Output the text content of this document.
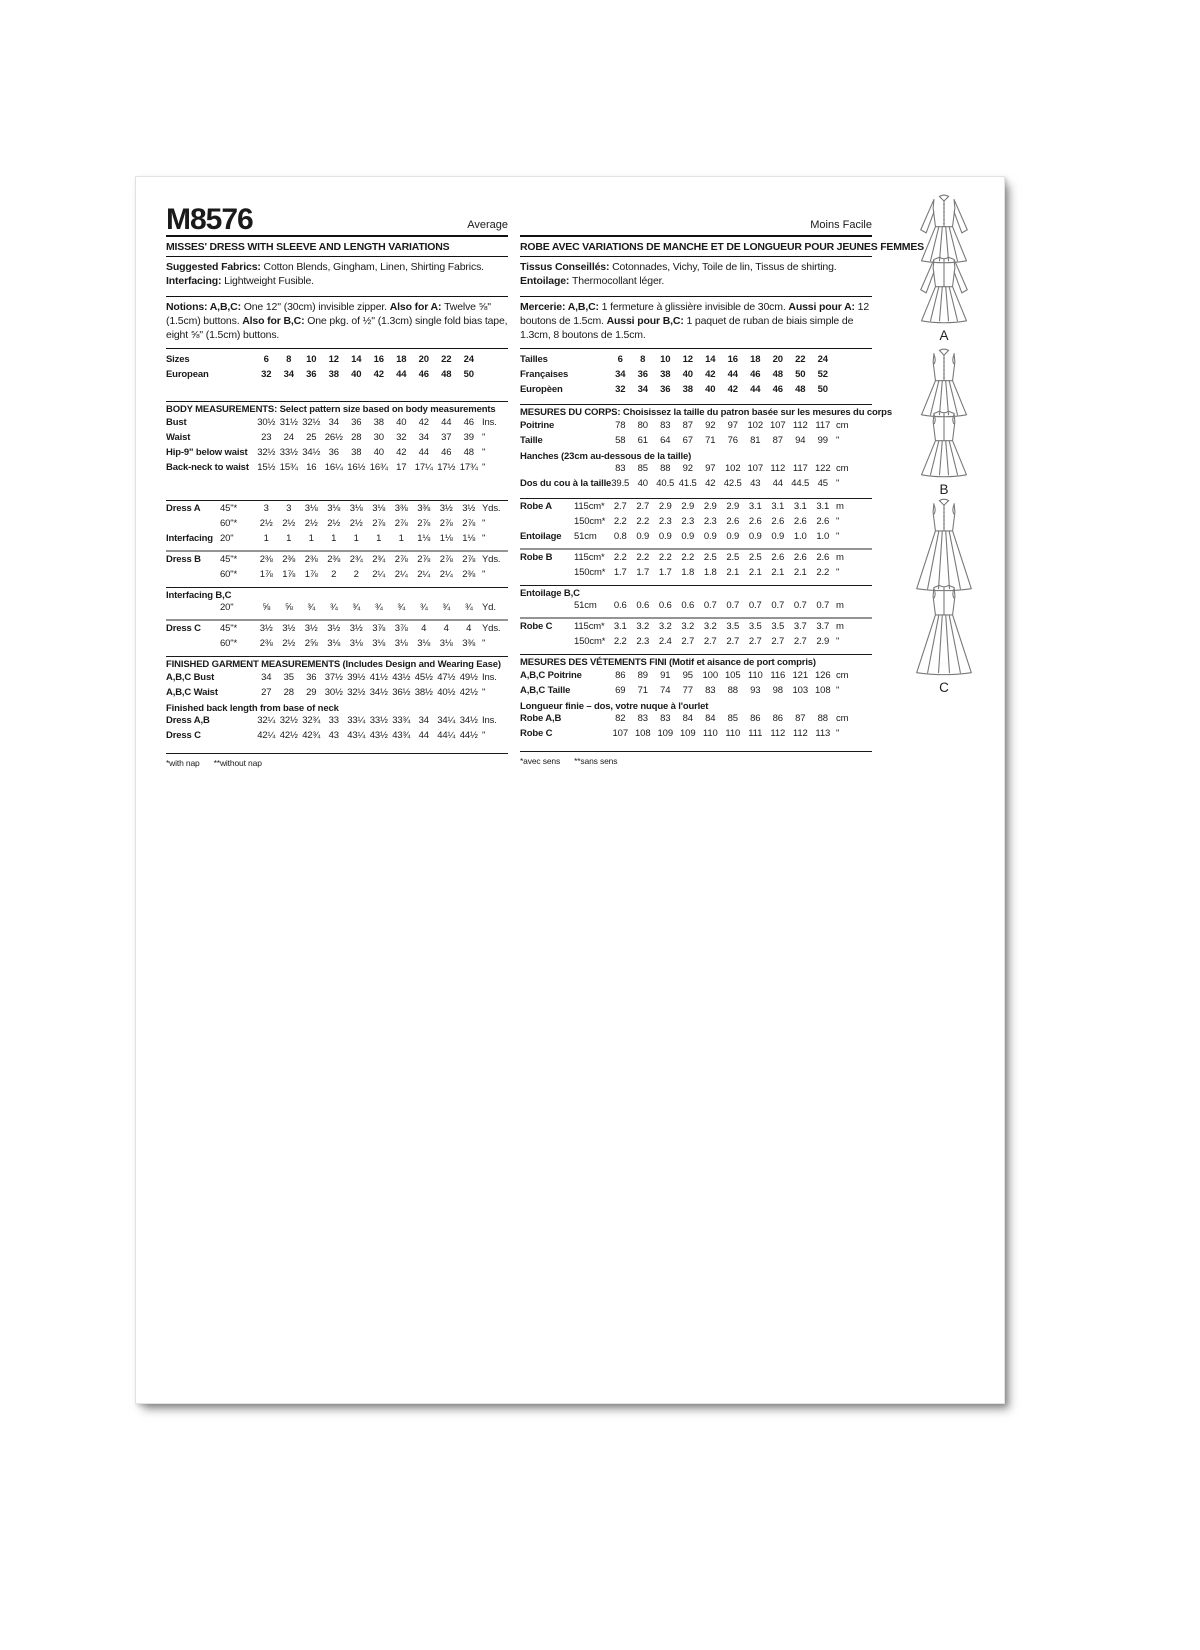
M8576	Average
MISSES' DRESS WITH SLEEVE AND LENGTH VARIATIONS

Suggested Fabrics: Cotton Blends, Gingham, Linen, Shirting Fabrics. Interfacing: Lightweight Fusible.

Notions: A,B,C: One 12'' (30cm) invisible zipper. Also for A: Twelve ⅝'' (1.5cm) buttons. Also for B,C: One pkg. of ½'' (1.3cm) single fold bias tape, eight ⅝" (1.5cm) buttons.

Sizes	6	8	10	12	14	16	18	20	22	24
European	32	34	36	38	40	42	44	46	48	50
BODY MEASUREMENTS: Select pattern size based on body measurements
Bust	30½ 31½ 32½ 34	36	38	40	42	44	46 Ins.
Waist	23	24	25 26½ 28	30	32	34	37	39 "
Hip-9" below waist	32½ 33½ 34½ 36	38	40	42	44	46	48 "
Back-neck to waist 15½ 15¾ 16 16¼ 16½ 16¾ 17 17¼ 17½ 17¾ "
Dress A	45"*	3	3	3⅛	3⅛	3⅛	3⅛	3⅜	3⅜	3½	3½ Yds.
60"*	2½	2½	2½	2½	2½	2⅞	2⅞	2⅞	2⅞	2⅞ "
Interfacing 20"	1	1	1	1	1	1	1	1⅛	1⅛	1⅛ "
Dress B	45"*	2⅜	2⅜	2⅜	2⅜	2¾	2¾	2⅞	2⅞	2⅞	2⅞ Yds.
60"*	1⅞	1⅞	1⅞	2	2	2¼	2¼	2¼	2¼	2⅜ "
Interfacing B,C
20"	⅝	⅝	¾	¾	¾	¾	¾	¾	¾	¾ Yd.
Dress C	45"*	3½	3½	3½	3½	3½	3⅞	3⅞	4	4	4	Yds.
60"*	2⅜	2½	2⅝	3⅛	3⅛	3⅛	3⅛	3⅛	3⅛	3⅜ "
FINISHED GARMENT MEASUREMENTS (Includes Design and Wearing Ease)
A,B,C Bust	34	35	36 37½ 39½ 41½ 43½ 45½ 47½ 49½ Ins.
A,B,C Waist	27	28	29 30½ 32½ 34½ 36½ 38½ 40½ 42½ "
Finished back length from base of neck
Dress A,B	32¼ 32½ 32¾ 33 33¼ 33½ 33¾ 34 34¼ 34½ Ins.
Dress C	42¼ 42½ 42¾ 43 43¼ 43½ 43¾ 44 44¼ 44½ "
*with nap **without nap
Moins Facile
ROBE AVEC VARIATIONS DE MANCHE ET DE LONGUEUR POUR JEUNES FEMMES

Tissus Conseillés: Cotonnades, Vichy, Toile de lin, Tissus de shirting. Entoilage: Thermocollant léger.

Mercerie: A,B,C: 1 fermeture à glissière invisible de 30cm. Aussi pour A: 12 boutons de 1.5cm. Aussi pour B,C: 1 paquet de ruban de biais simple de 1.3cm, 8 boutons de 1.5cm.

Tailles	6	8	10	12	14	16	18	20	22	24
Françaises	34	36	38	40	42	44	46	48	50	52
Europèen	32	34	36	38	40	42	44	46	48	50
MESURES DU CORPS: Choisissez la taille du patron basée sur les mesures du corps
Poitrine	78	80	83	87	92	97	102 107 112 117 cm
Taille	58	61	64	67	71	76	81	87	94	99 "
Hanches (23cm au-dessous de la taille)
83	85	88	92	97	102 107 112 117 122 cm
Dos du cou à la taille 39.5 40 40.5 41.5 42 42.5 43	44 44.5 45 "
Robe A	115cm* 2.7	2.7	2.9	2.9	2.9	2.9	3.1	3.1	3.1	3.1 m
150cm* 2.2	2.2	2.3	2.3	2.3	2.6	2.6	2.6	2.6	2.6 "
Entoilage	51cm	0.8	0.9	0.9	0.9	0.9	0.9	0.9	0.9	1.0	1.0 "
Robe B	115cm* 2.2	2.2	2.2	2.2	2.5	2.5	2.5	2.6	2.6	2.6 m
150cm* 1.7	1.7	1.7	1.8	1.8	2.1	2.1	2.1	2.1	2.2 "
Entoilage B,C
51cm	0.6	0.6	0.6	0.6	0.7	0.7	0.7	0.7	0.7	0.7 m
Robe C	115cm* 3.1	3.2	3.2	3.2	3.2	3.5	3.5	3.5	3.7	3.7 m
150cm* 2.2	2.3	2.4	2.7	2.7	2.7	2.7	2.7	2.7	2.9 "
MESURES DES VÉTEMENTS FINI (Motif et aisance de port compris)
A,B,C Poitrine	86	89	91	95	100 105 110 116 121 126 cm
A,B,C Taille	69	71	74	77	83	88	93	98	103 108 "
Longueur finie – dos, votre nuque à l'ourlet
Robe A,B	82	83	83	84	84	85	86	86	87	88 cm
Robe C	107 108 109 109 110 110 111 112 112 113 "
*avec sens **sans sens
A
B
C
